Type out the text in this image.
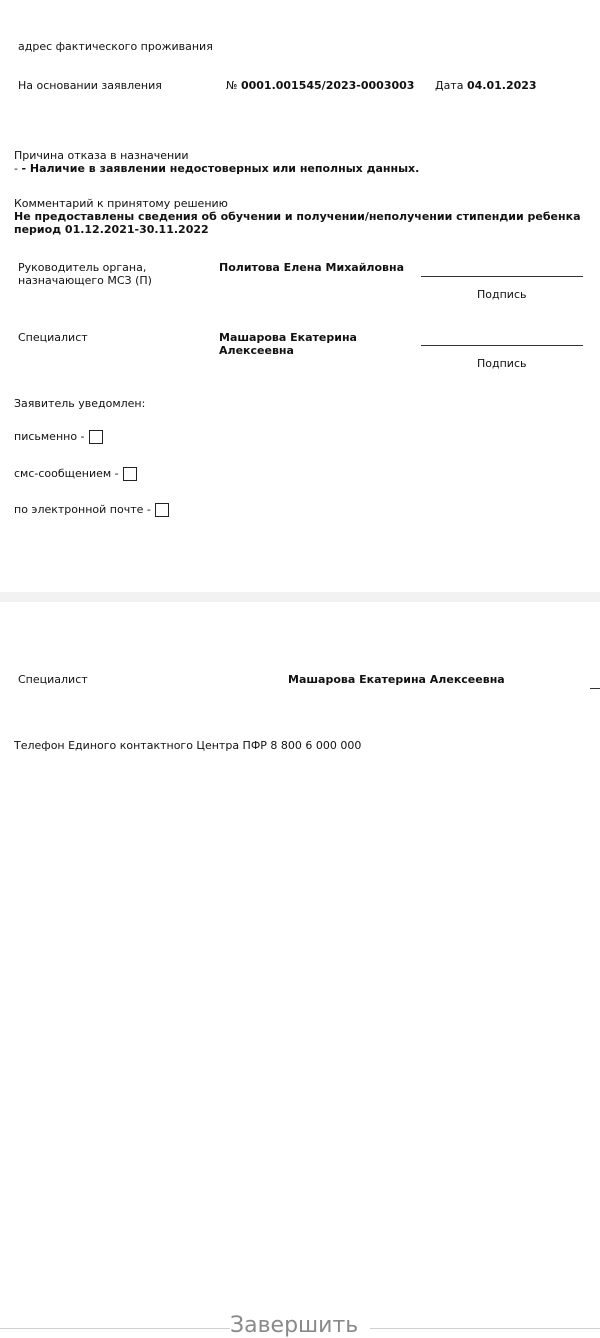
адрес фактического проживания
На основании заявления	№ 0001.001545/2023-0003003 Дата 04.01.2023
Причина отказа в назначении
- - Наличие в заявлении недостоверных или неполных данных.
Комментарий к принятому решению
Не предоставлены сведения об обучении и получении/неполучении стипендии ребенка
период 01.12.2021-30.11.2022
Руководитель органа,
назначающего МСЗ (П)
Политова Елена Михайловна
Подпись
Специалист	Машарова Екатерина
Алексеевна
Подпись
Заявитель уведомлен:
письменно -
смс-сообщением -
по электронной почте -
Специалист	Машарова Екатерина Алексеевна
Телефон Единого контактного Центра ПФР 8 800 6 000 000
Завершить
